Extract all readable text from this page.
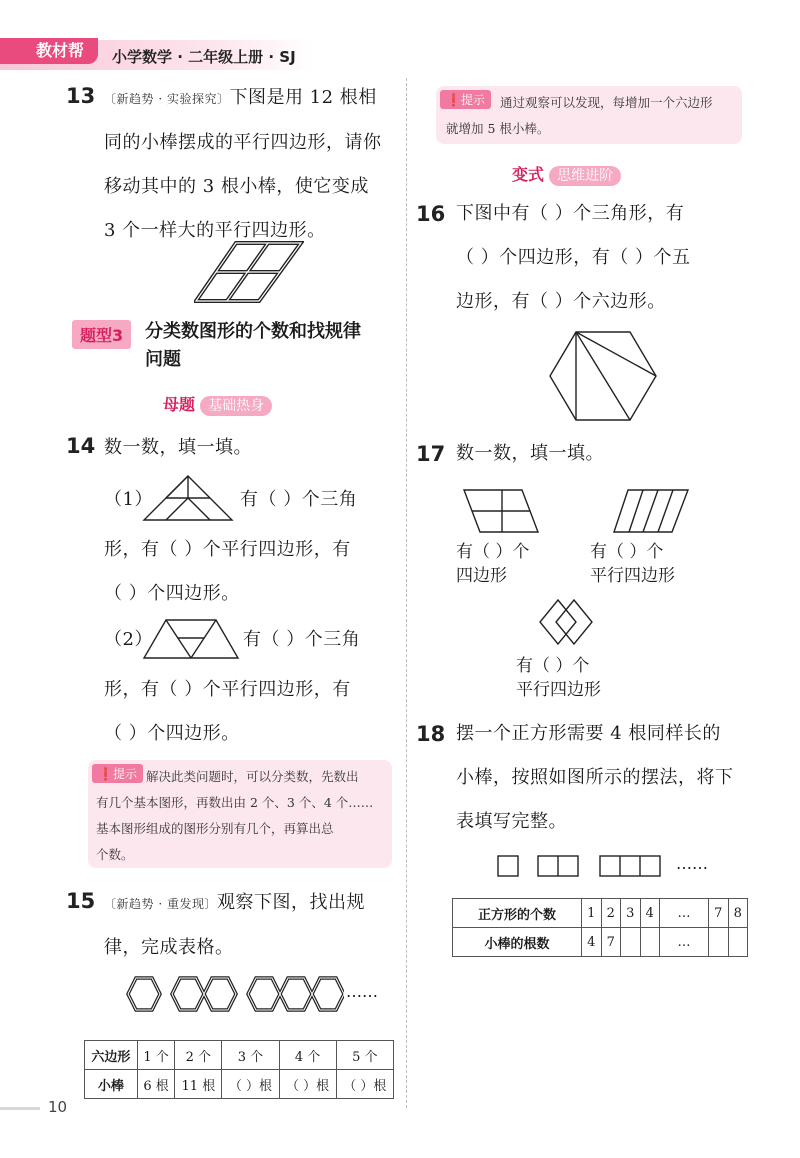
教材帮	小学数学 · 二年级上册 · SJ
13 〔新趋势 · 实验探究〕下图是用 12 根相
同的小棒摆成的平行四边形，请你
移动其中的 3 根小棒，使它变成
3 个一样大的平行四边形。
题型3	分类数图形的个数和找规律
问题
母题 基础热身
14 数一数，填一填。
（1）	有（ ）个三角
形，有（ ）个平行四边形，有
（ ）个四边形。
（2）	有（ ）个三角
形，有（ ）个平行四边形，有
（ ）个四边形。
❗提示 解决此类问题时，可以分类数，先数出
有几个基本图形，再数出由 2 个、3 个、4 个……
基本图形组成的图形分别有几个，再算出总
个数。
15 〔新趋势 · 重发现〕观察下图，找出规
律，完成表格。
……
六边形	1 个	2 个	3 个	4 个	5 个
小棒	6 根	11 根	（ ）根	（ ）根	（ ）根
❗提示	通过观察可以发现，每增加一个六边形
就增加 5 根小棒。
变式 思维进阶
16 下图中有（ ）个三角形，有
（ ）个四边形，有（ ）个五
边形，有（ ）个六边形。
17 数一数，填一填。
有（ ）个
四边形
有（ ）个
平行四边形
有（ ）个
平行四边形
18 摆一个正方形需要 4 根同样长的
小棒，按照如图所示的摆法，将下
表填写完整。
……
正方形的个数	1	2	3	4	…	7	8
小棒的根数	4	7			…		
10
